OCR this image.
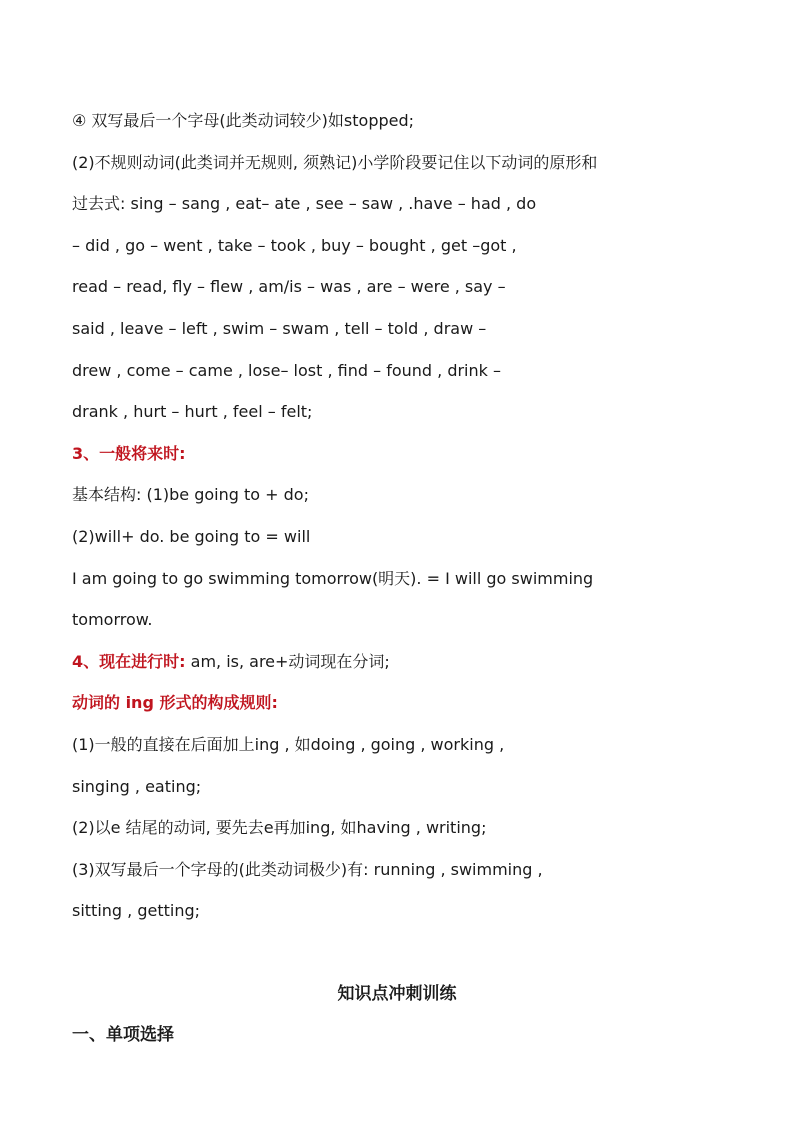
④ 双写最后一个字母(此类动词较少)如stopped;
(2)不规则动词(此类词并无规则, 须熟记)小学阶段要记住以下动词的原形和
过去式: sing – sang , eat– ate , see – saw , .have – had , do
– did , go – went , take – took , buy – bought , get –got ,
read – read, fly – flew , am/is – was , are – were , say –
said , leave – left , swim – swam , tell – told , draw –
drew , come – came , lose– lost , find – found , drink –
drank , hurt – hurt , feel – felt;
3、一般将来时:
基本结构: (1)be going to + do;
(2)will+ do. be going to = will
I am going to go swimming tomorrow(明天). = I will go swimming
tomorrow.
4、现在进行时: am, is, are+动词现在分词;
动词的 ing 形式的构成规则:
(1)一般的直接在后面加上ing , 如doing , going , working ,
singing , eating;
(2)以e 结尾的动词, 要先去e再加ing, 如having , writing;
(3)双写最后一个字母的(此类动词极少)有: running , swimming ,
sitting , getting;
知识点冲刺训练
一、单项选择
